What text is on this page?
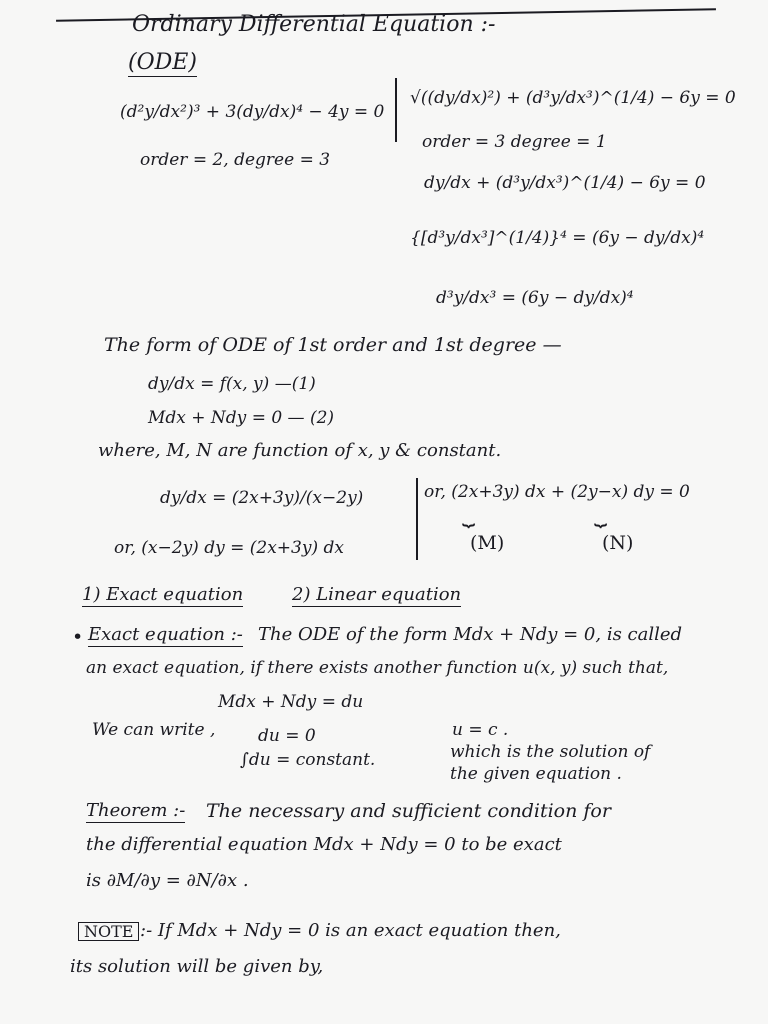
Ordinary Differential Equation :-
(ODE)
(d²y/dx²)³ + 3(dy/dx)⁴ − 4y = 0
order = 2, degree = 3
√((dy/dx)²) + (d³y/dx³)^(1/4) − 6y = 0
order = 3 degree = 1
dy/dx + (d³y/dx³)^(1/4) − 6y = 0
{[d³y/dx³]^(1/4)}⁴ = (6y − dy/dx)⁴
d³y/dx³ = (6y − dy/dx)⁴
The form of ODE of 1st order and 1st degree —
dy/dx = f(x, y) —(1)
Mdx + Ndy = 0 — (2)
where, M, N are function of x, y & constant.
dy/dx = (2x+3y)/(x−2y)
or, (x−2y) dy = (2x+3y) dx
or, (2x+3y) dx + (2y−x) dy = 0
⏟	⏟
(M)	(N)
1) Exact equation	2) Linear equation
• Exact equation :- The ODE of the form Mdx + Ndy = 0, is called
an exact equation, if there exists another function u(x, y) such that,
Mdx + Ndy = du
We can write ,	du = 0
∫du = constant.
u = c .
which is the solution of
the given equation .
Theorem :- The necessary and sufficient condition for
the differential equation Mdx + Ndy = 0 to be exact
is ∂M/∂y = ∂N/∂x .
NOTE :- If Mdx + Ndy = 0 is an exact equation then,
its solution will be given by,
